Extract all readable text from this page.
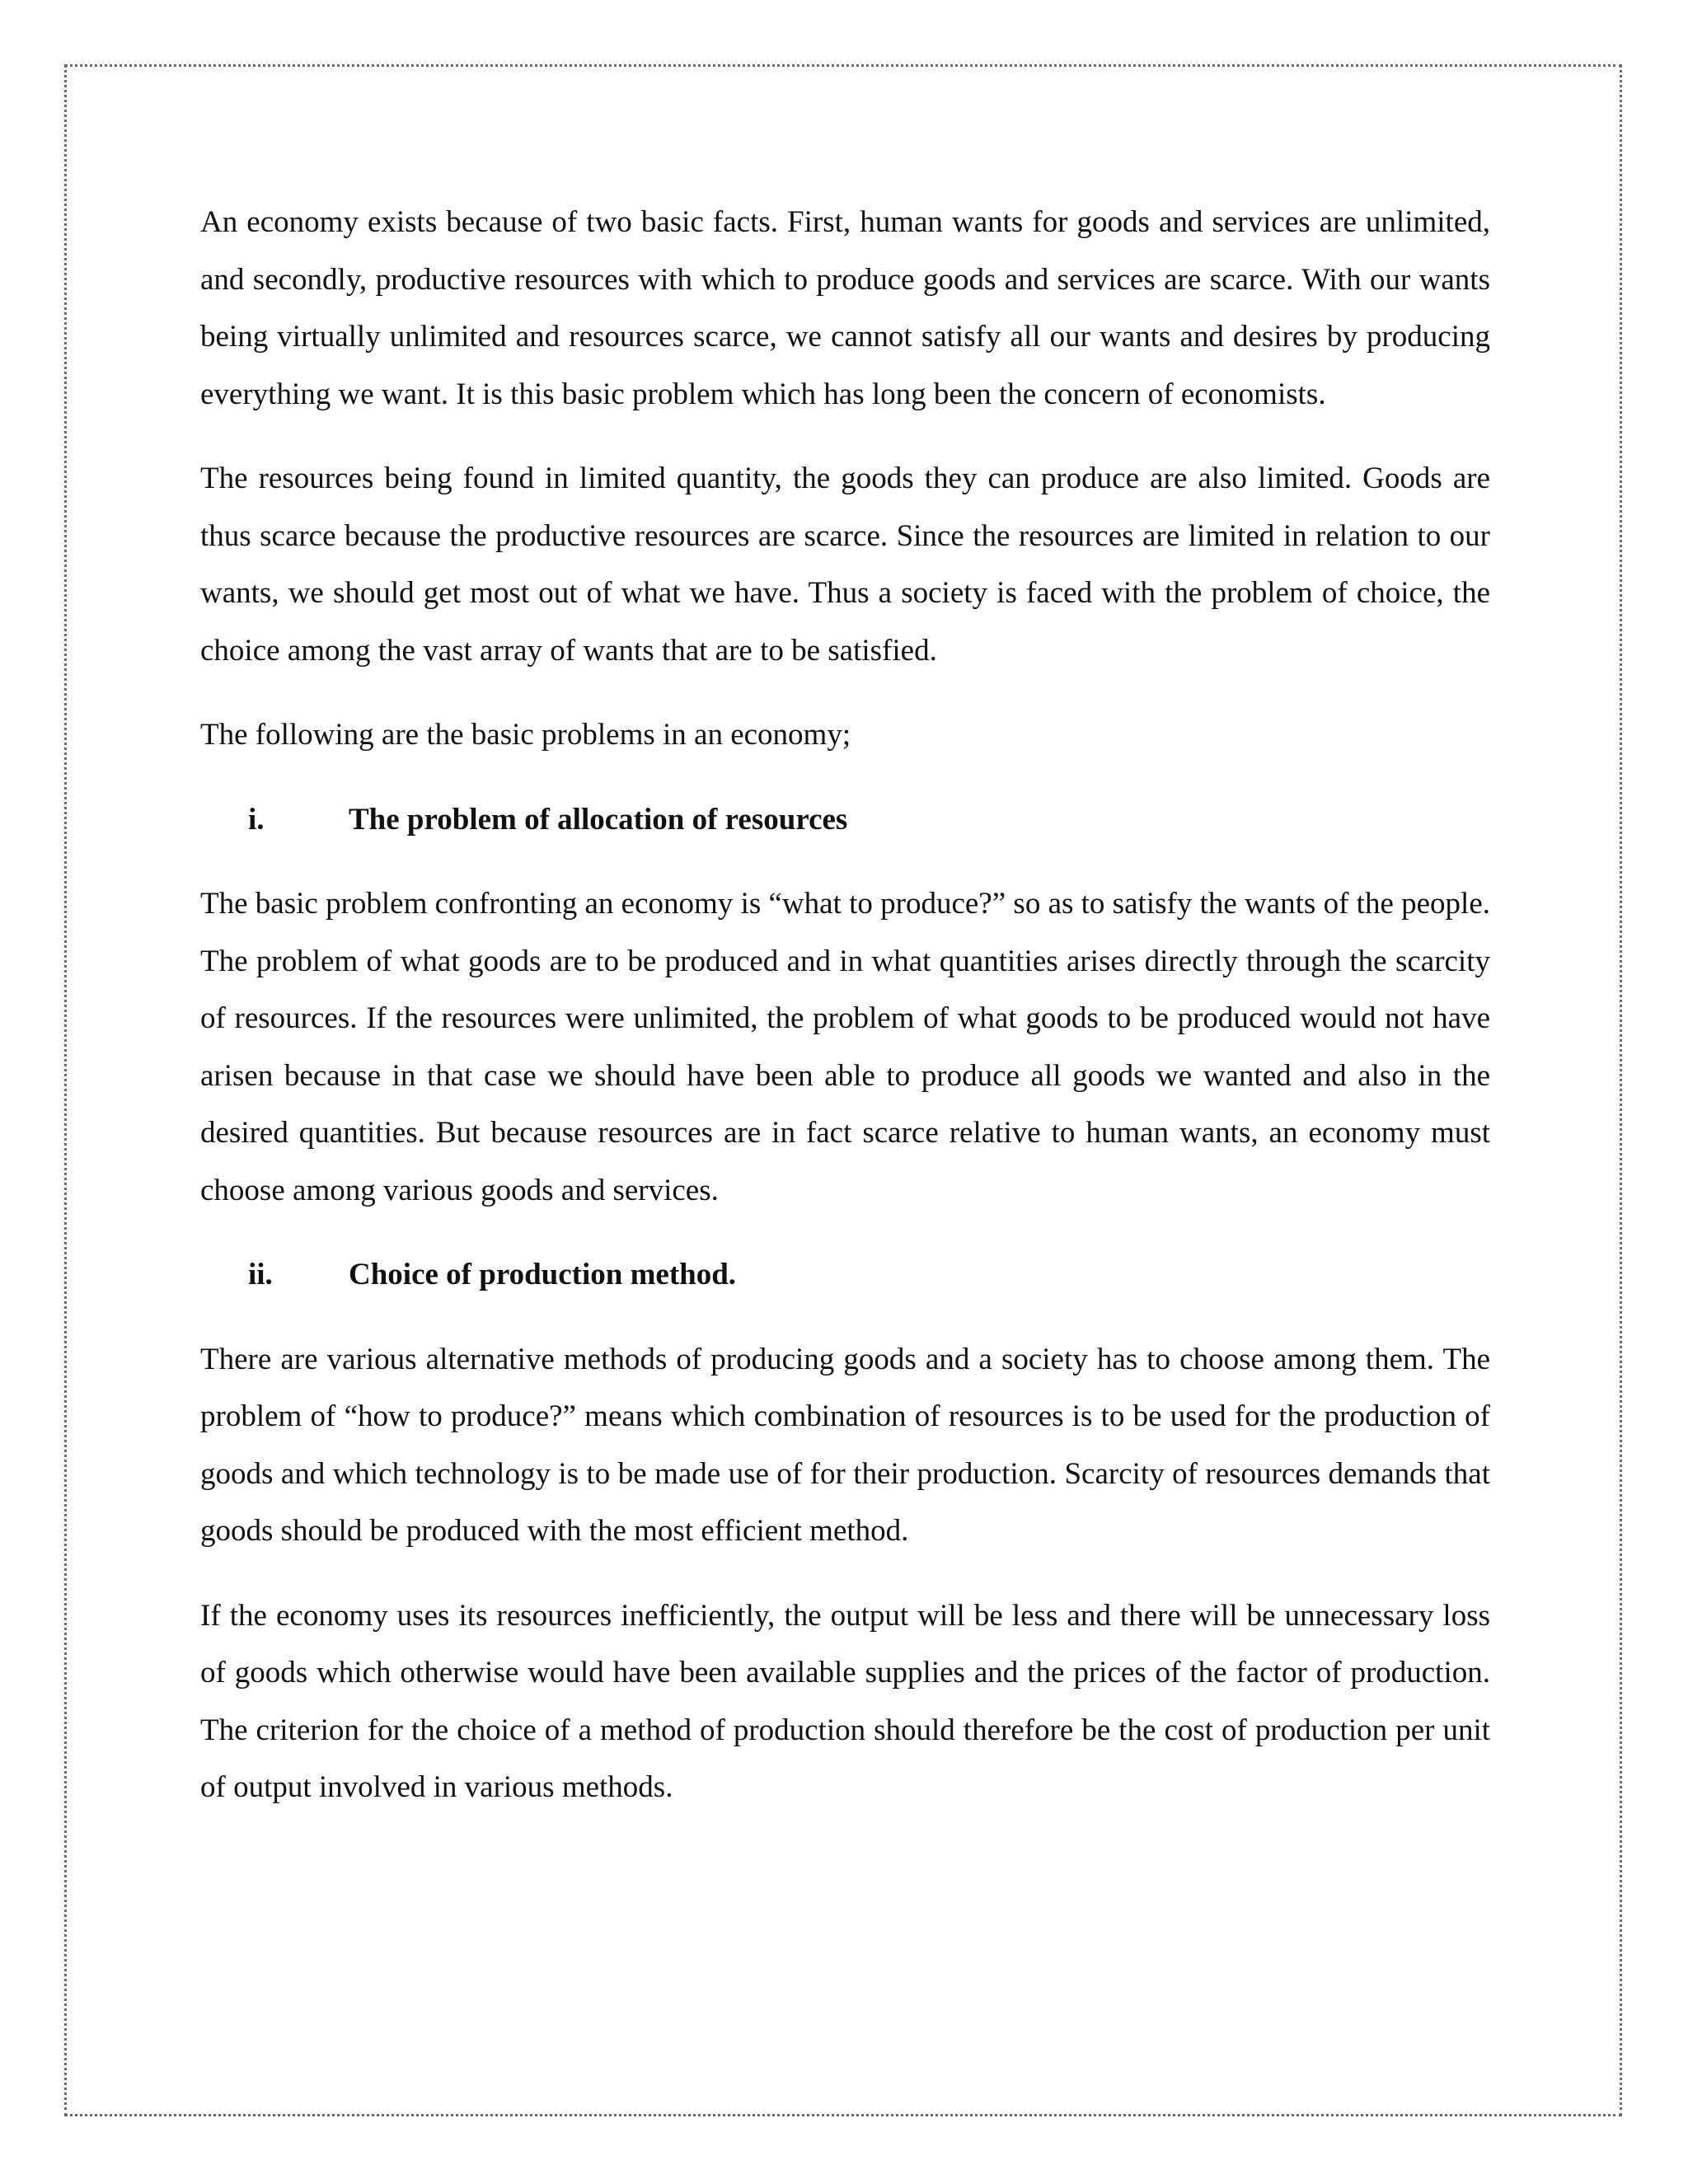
An economy exists because of two basic facts. First, human wants for goods and services are unlimited, and secondly, productive resources with which to produce goods and services are scarce. With our wants being virtually unlimited and resources scarce, we cannot satisfy all our wants and desires by producing everything we want. It is this basic problem which has long been the concern of economists.

The resources being found in limited quantity, the goods they can produce are also limited. Goods are thus scarce because the productive resources are scarce. Since the resources are limited in relation to our wants, we should get most out of what we have. Thus a society is faced with the problem of choice, the choice among the vast array of wants that are to be satisfied.

The following are the basic problems in an economy;

i.	The problem of allocation of resources

The basic problem confronting an economy is “what to produce?” so as to satisfy the wants of the people. The problem of what goods are to be produced and in what quantities arises directly through the scarcity of resources. If the resources were unlimited, the problem of what goods to be produced would not have arisen because in that case we should have been able to produce all goods we wanted and also in the desired quantities. But because resources are in fact scarce relative to human wants, an economy must choose among various goods and services.

ii.	Choice of production method.

There are various alternative methods of producing goods and a society has to choose among them. The problem of “how to produce?” means which combination of resources is to be used for the production of goods and which technology is to be made use of for their production. Scarcity of resources demands that goods should be produced with the most efficient method.

If the economy uses its resources inefficiently, the output will be less and there will be unnecessary loss of goods which otherwise would have been available supplies and the prices of the factor of production. The criterion for the choice of a method of production should therefore be the cost of production per unit of output involved in various methods.
